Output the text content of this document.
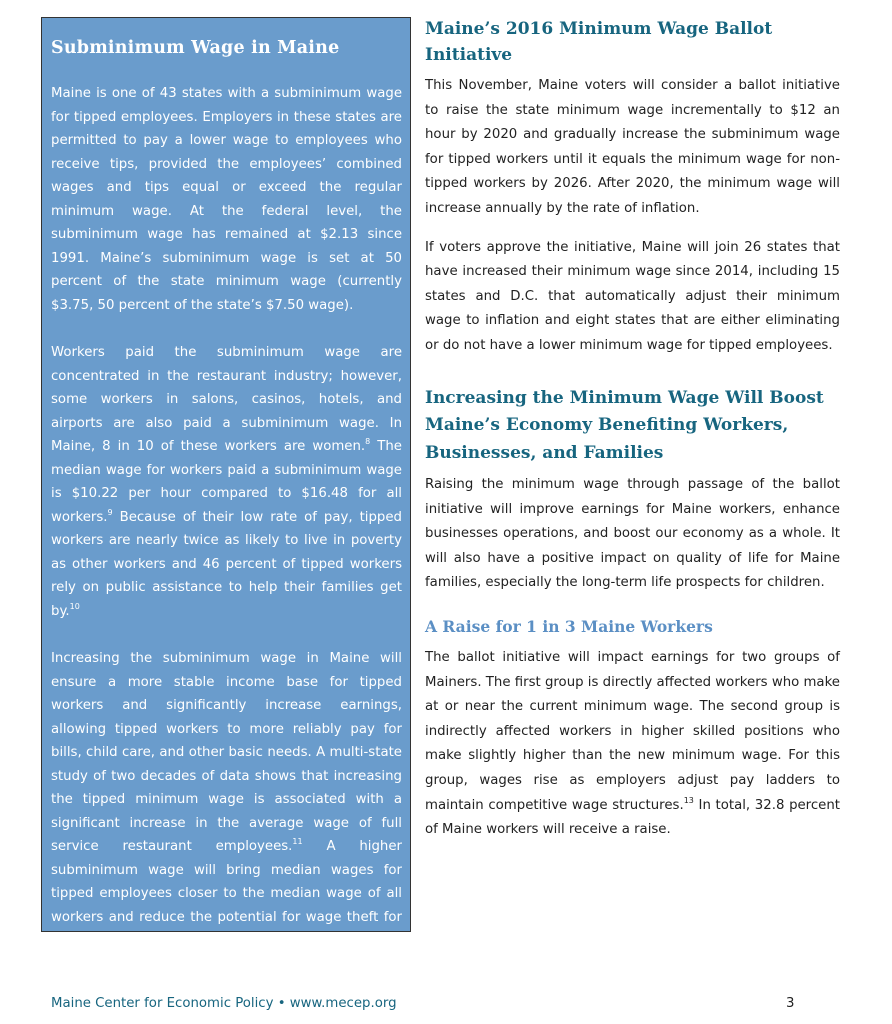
Subminimum Wage in Maine

Maine is one of 43 states with a subminimum wage for tipped employees. Employers in these states are permitted to pay a lower wage to employees who receive tips, provided the employees’ combined wages and tips equal or exceed the regular minimum wage. At the federal level, the subminimum wage has remained at $2.13 since 1991. Maine’s subminimum wage is set at 50 percent of the state minimum wage (currently $3.75, 50 percent of the state’s $7.50 wage).

Workers paid the subminimum wage are concentrated in the restaurant industry; however, some workers in salons, casinos, hotels, and airports are also paid a subminimum wage. In Maine, 8 in 10 of these workers are women.$^8$ The median wage for workers paid a subminimum wage is $10.22 per hour compared to $16.48 for all workers.$^9$ Because of their low rate of pay, tipped workers are nearly twice as likely to live in poverty as other workers and 46 percent of tipped workers rely on public assistance to help their families get by.$^{10}$

Increasing the subminimum wage in Maine will ensure a more stable income base for tipped workers and significantly increase earnings, allowing tipped workers to more reliably pay for bills, child care, and other basic needs. A multi-state study of two decades of data shows that increasing the tipped minimum wage is associated with a significant increase in the average wage of full service restaurant employees.$^{11}$ A higher subminimum wage will bring median wages for tipped employees closer to the median wage of all workers and reduce the potential for wage theft for service workers. $^{12}$

Maine’s 2016 Minimum Wage Ballot Initiative

This November, Maine voters will consider a ballot initiative to raise the state minimum wage incrementally to $12 an hour by 2020 and gradually increase the subminimum wage for tipped workers until it equals the minimum wage for non-tipped workers by 2026. After 2020, the minimum wage will increase annually by the rate of inflation.

If voters approve the initiative, Maine will join 26 states that have increased their minimum wage since 2014, including 15 states and D.C. that automatically adjust their minimum wage to inflation and eight states that are either eliminating or do not have a lower minimum wage for tipped employees.

Increasing the Minimum Wage Will Boost Maine’s Economy Benefiting Workers, Businesses, and Families

Raising the minimum wage through passage of the ballot initiative will improve earnings for Maine workers, enhance businesses operations, and boost our economy as a whole. It will also have a positive impact on quality of life for Maine families, especially the long-term life prospects for children.

A Raise for 1 in 3 Maine Workers

The ballot initiative will impact earnings for two groups of Mainers. The first group is directly affected workers who make at or near the current minimum wage. The second group is indirectly affected workers in higher skilled positions who make slightly higher than the new minimum wage. For this group, wages rise as employers adjust pay ladders to maintain competitive wage structures.$^{13}$ In total, 32.8 percent of Maine workers will receive a raise.

Maine Center for Economic Policy • www.mecep.org	3
